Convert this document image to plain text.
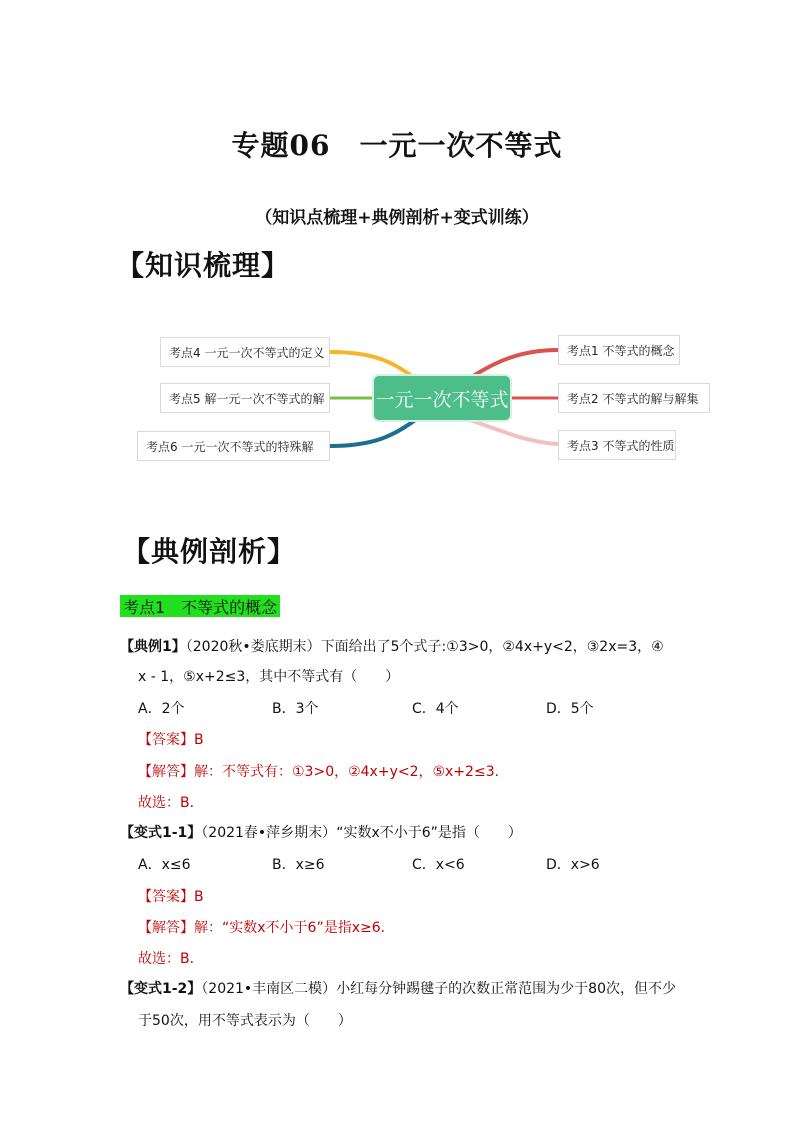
专题06　一元一次不等式
（知识点梳理+典例剖析+变式训练）
【知识梳理】
一元一次不等式
考点4 一元一次不等式的定义
考点5 解一元一次不等式的解
考点6 一元一次不等式的特殊解
考点1 不等式的概念
考点2 不等式的解与解集
考点3 不等式的性质
【典例剖析】
考点1　不等式的概念
【典例1】（2020秋•娄底期末）下面给出了5个式子:①3>0，②4x+y<2，③2x=3，④
x - 1，⑤x+2≤3，其中不等式有（　　）
A．2个	B．3个	C．4个	D．5个
【答案】B
【解答】解：不等式有：①3>0，②4x+y<2，⑤x+2≤3．
故选：B．
【变式1-1】（2021春•萍乡期末）“实数x不小于6”是指（　　）
A．x≤6	B．x≥6	C．x<6	D．x>6
【答案】B
【解答】解：“实数x不小于6”是指x≥6．
故选：B．
【变式1-2】（2021•丰南区二模）小红每分钟踢毽子的次数正常范围为少于80次，但不少
于50次，用不等式表示为（　　）
